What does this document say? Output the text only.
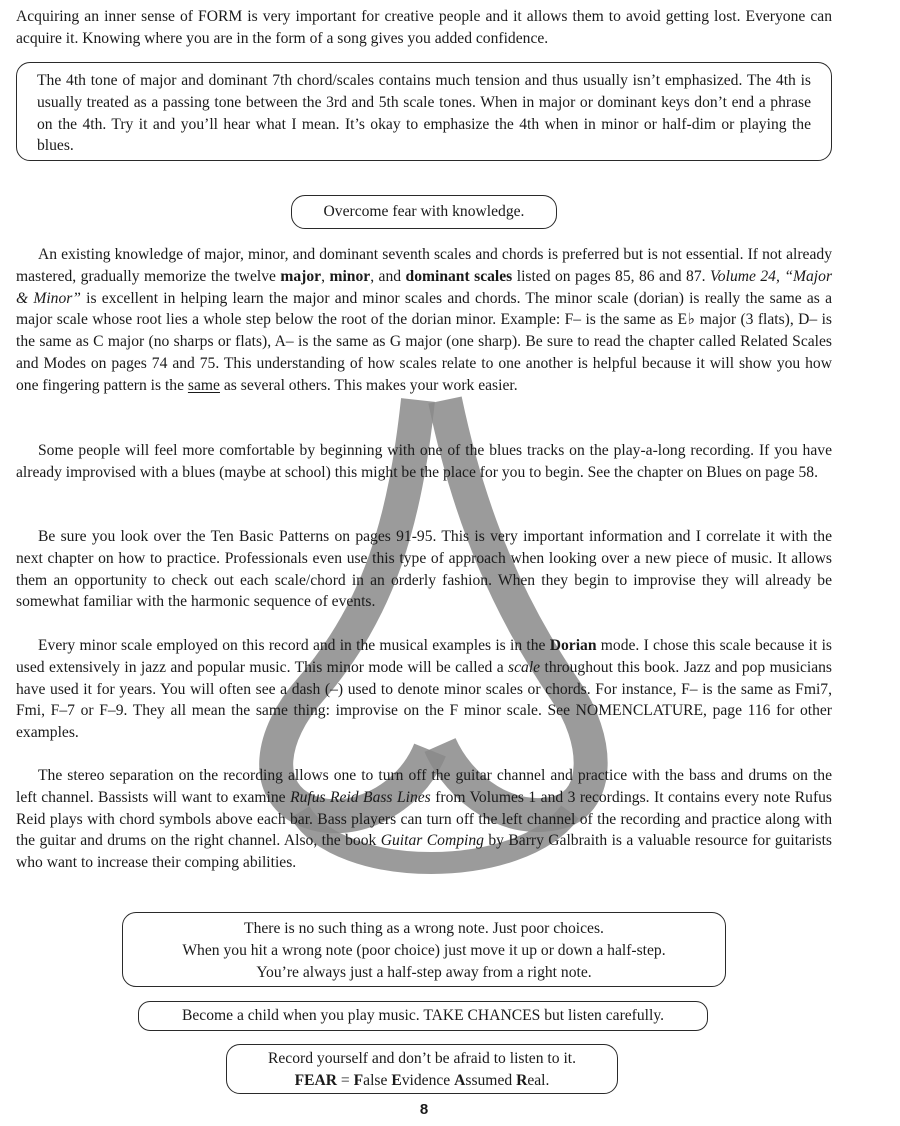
Acquiring an inner sense of FORM is very important for creative people and it allows them to avoid getting lost. Everyone can acquire it. Knowing where you are in the form of a song gives you added confidence.

The 4th tone of major and dominant 7th chord/scales contains much tension and thus usually isn’t emphasized. The 4th is usually treated as a passing tone between the 3rd and 5th scale tones. When in major or dominant keys don’t end a phrase on the 4th. Try it and you’ll hear what I mean. It’s okay to emphasize the 4th when in minor or half-dim or playing the blues.

Overcome fear with knowledge.

An existing knowledge of major, minor, and dominant seventh scales and chords is preferred but is not essential. If not already mastered, gradually memorize the twelve major, minor, and dominant scales listed on pages 85, 86 and 87. Volume 24, “Major & Minor” is excellent in helping learn the major and minor scales and chords. The minor scale (dorian) is really the same as a major scale whose root lies a whole step below the root of the dorian minor. Example: F– is the same as E♭ major (3 flats), D– is the same as C major (no sharps or flats), A– is the same as G major (one sharp). Be sure to read the chapter called Related Scales and Modes on pages 74 and 75. This understanding of how scales relate to one another is helpful because it will show you how one fingering pattern is the same as several others. This makes your work easier.

Some people will feel more comfortable by beginning with one of the blues tracks on the play-a-long recording. If you have already improvised with a blues (maybe at school) this might be the place for you to begin. See the chapter on Blues on page 58.

Be sure you look over the Ten Basic Patterns on pages 91-95. This is very important information and I correlate it with the next chapter on how to practice. Professionals even use this type of approach when looking over a new piece of music. It allows them an opportunity to check out each scale/chord in an orderly fashion. When they begin to improvise they will already be somewhat familiar with the harmonic sequence of events.

Every minor scale employed on this record and in the musical examples is in the Dorian mode. I chose this scale because it is used extensively in jazz and popular music. This minor mode will be called a scale throughout this book. Jazz and pop musicians have used it for years. You will often see a dash (–) used to denote minor scales or chords. For instance, F– is the same as Fmi7, Fmi, F–7 or F–9. They all mean the same thing: improvise on the F minor scale. See NOMENCLATURE, page 116 for other examples.

The stereo separation on the recording allows one to turn off the guitar channel and practice with the bass and drums on the left channel. Bassists will want to examine Rufus Reid Bass Lines from Volumes 1 and 3 recordings. It contains every note Rufus Reid plays with chord symbols above each bar. Bass players can turn off the left channel of the recording and practice along with the guitar and drums on the right channel. Also, the book Guitar Comping by Barry Galbraith is a valuable resource for guitarists who want to increase their comping abilities.

There is no such thing as a wrong note. Just poor choices.

When you hit a wrong note (poor choice) just move it up or down a half-step.

You’re always just a half-step away from a right note.

Become a child when you play music. TAKE CHANCES but listen carefully.

Record yourself and don’t be afraid to listen to it.

FEAR = False Evidence Assumed Real.

8
